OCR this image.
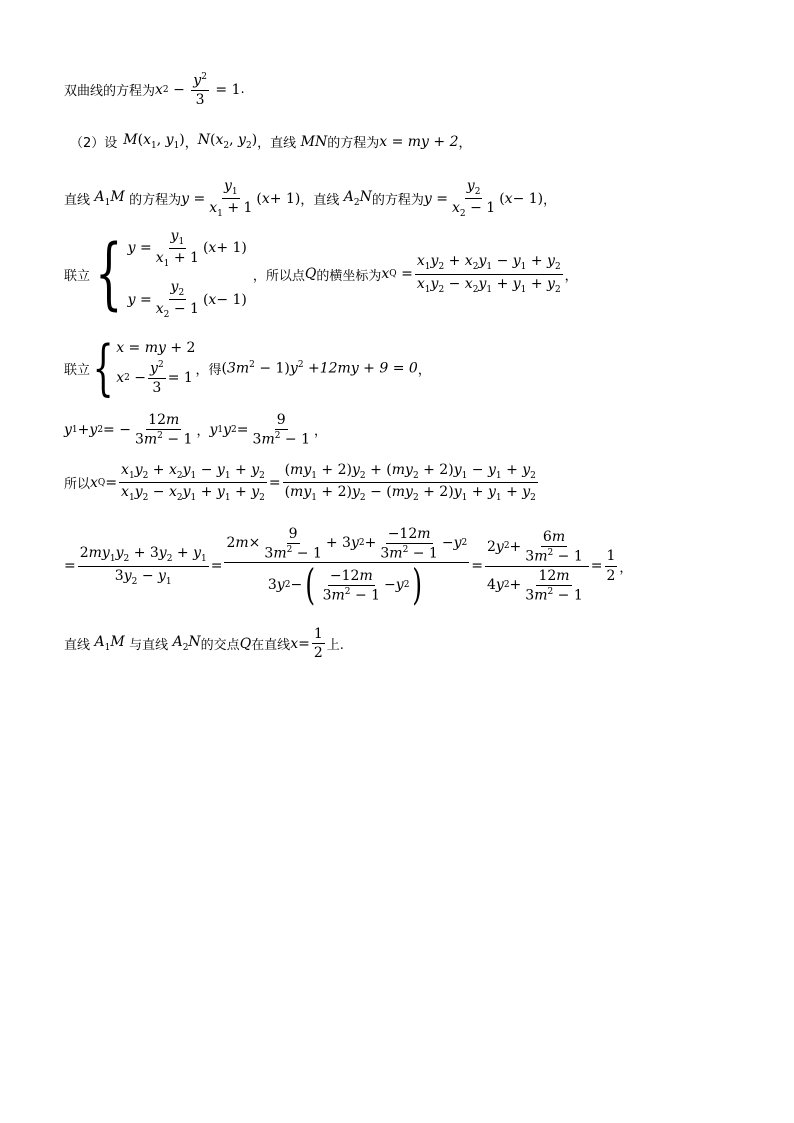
双曲线的方程为 x $2 - \frac{y^2}{3}$
= 1 .
（2） 设 $M(x_1$, $y_1$) ， $N(x_2$, $y_2$) ， 直线 MN 的方程为 x = my + 2 ，
直线 $A_1M$ 的方程为 $y = \frac{y_1}{x_1 + 1}$ ( x + 1) ，直线 $A_2N$ 的方程为 $y = \frac{y_2}{x_2 - 1}$ ( x − 1) ，
联立 { $y = \frac{y_1}{x_1 + 1}$ ( x + 1)
$y = \frac{y_2}{x_2 - 1}$ ( x − 1)
，所以点 Q 的横坐标为 x Q
= $\frac{x_1y_2 + x_2y_1 - y_1 + y_2}{x_1y_2 - x_2y_1 + y_1 + y_2}$ ，
联立 { x = my + 2
x $2 - \frac{y^2}{3} = 1$ ，得 $(3m^2 - 1)y^2 +12my + 9 = 0$ ，
y 1 + y 2 = − $\frac{12m}{3m^2 - 1}$ ， y 1 y $2 = \frac{9}{3m^2 - 1}$ ，
所以 x $Q = \frac{x_1y_2 + x_2y_1 - y_1 + y_2}{x_1y_2 - x_2y_1 + y_1 + y_2} = \frac{(my_1 + 2)y_2 + (my_2 + 2)y_1 - y_1 + y_2}{(my_1 + 2)y_2 - (my_2 + 2)y_1 + y_1 + y_2}$
= $\frac{2my_1y_2 + 3y_2 + y_1}{3y_2 - y_1} = \frac{2 m \times \frac{9}{3m^2 - 1} + 3 y 2 + \frac{-12m}{3m^2 - 1} - y 2}{3 y 2 - ( \frac{-12m}{3m^2 - 1} - y 2 )} = \frac{2 y 2 + \frac{6m}{3m^2 - 1}}{4 y 2 + \frac{12m}{3m^2 - 1}} = \frac{1}{2}$ ，
直线 $A_1M$ 与直线 $A_2N$ 的交点 Q 在直线 $x = \frac{1}{2}$ 上.
